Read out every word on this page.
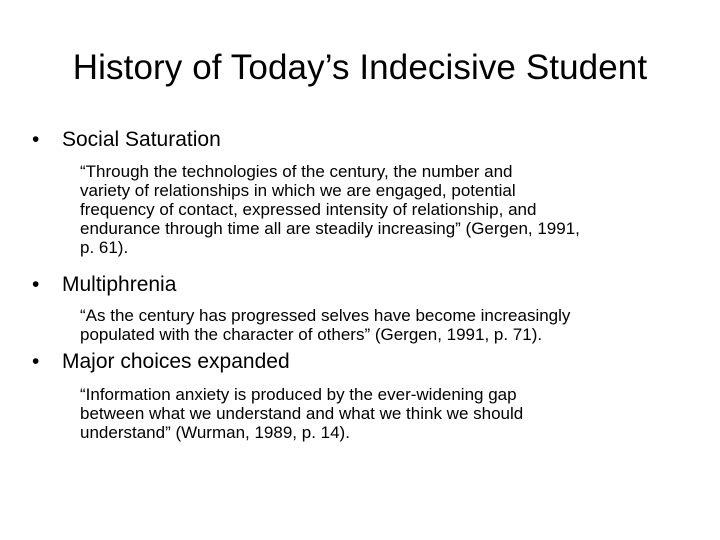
History of Today’s Indecisive Student
• Social Saturation
“Through the technologies of the century, the number and
variety of relationships in which we are engaged, potential
frequency of contact, expressed intensity of relationship, and
endurance through time all are steadily increasing” (Gergen, 1991,
p. 61).
• Multiphrenia
“As the century has progressed selves have become increasingly
populated with the character of others” (Gergen, 1991, p. 71).
• Major choices expanded
“Information anxiety is produced by the ever-widening gap
between what we understand and what we think we should
understand” (Wurman, 1989, p. 14).
